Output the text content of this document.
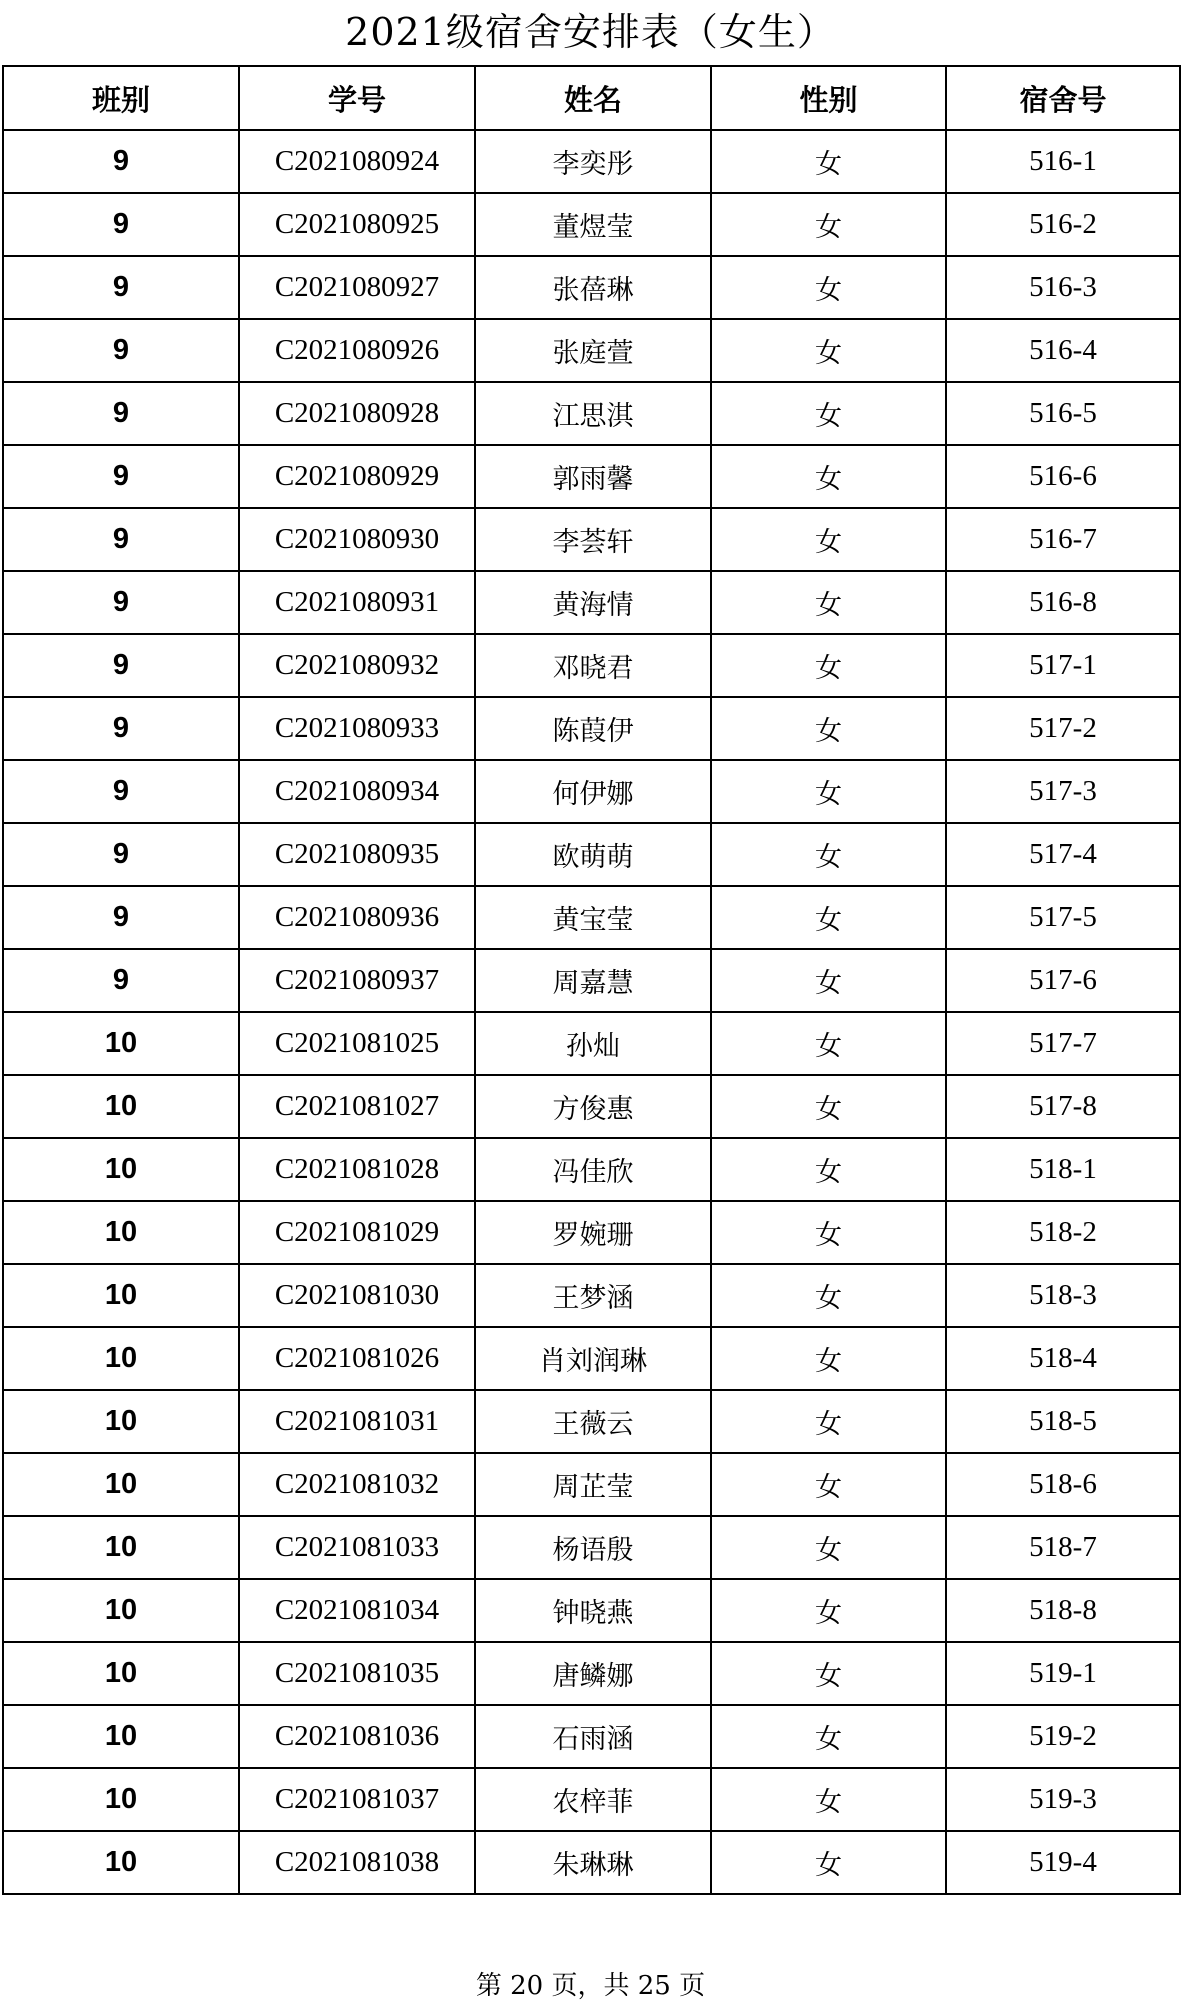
2021级宿舍安排表（女生）
班别	学号	姓名	性别	宿舍号
9	C2021080924	李奕彤	女	516-1
9	C2021080925	董煜莹	女	516-2
9	C2021080927	张蓓琳	女	516-3
9	C2021080926	张庭萱	女	516-4
9	C2021080928	江思淇	女	516-5
9	C2021080929	郭雨馨	女	516-6
9	C2021080930	李荟轩	女	516-7
9	C2021080931	黄海情	女	516-8
9	C2021080932	邓晓君	女	517-1
9	C2021080933	陈葭伊	女	517-2
9	C2021080934	何伊娜	女	517-3
9	C2021080935	欧萌萌	女	517-4
9	C2021080936	黄宝莹	女	517-5
9	C2021080937	周嘉慧	女	517-6
10	C2021081025	孙灿	女	517-7
10	C2021081027	方俊惠	女	517-8
10	C2021081028	冯佳欣	女	518-1
10	C2021081029	罗婉珊	女	518-2
10	C2021081030	王梦涵	女	518-3
10	C2021081026	肖刘润琳	女	518-4
10	C2021081031	王薇云	女	518-5
10	C2021081032	周芷莹	女	518-6
10	C2021081033	杨语殷	女	518-7
10	C2021081034	钟晓燕	女	518-8
10	C2021081035	唐鳞娜	女	519-1
10	C2021081036	石雨涵	女	519-2
10	C2021081037	农梓菲	女	519-3
10	C2021081038	朱琳琳	女	519-4
第 20 页，共 25 页
